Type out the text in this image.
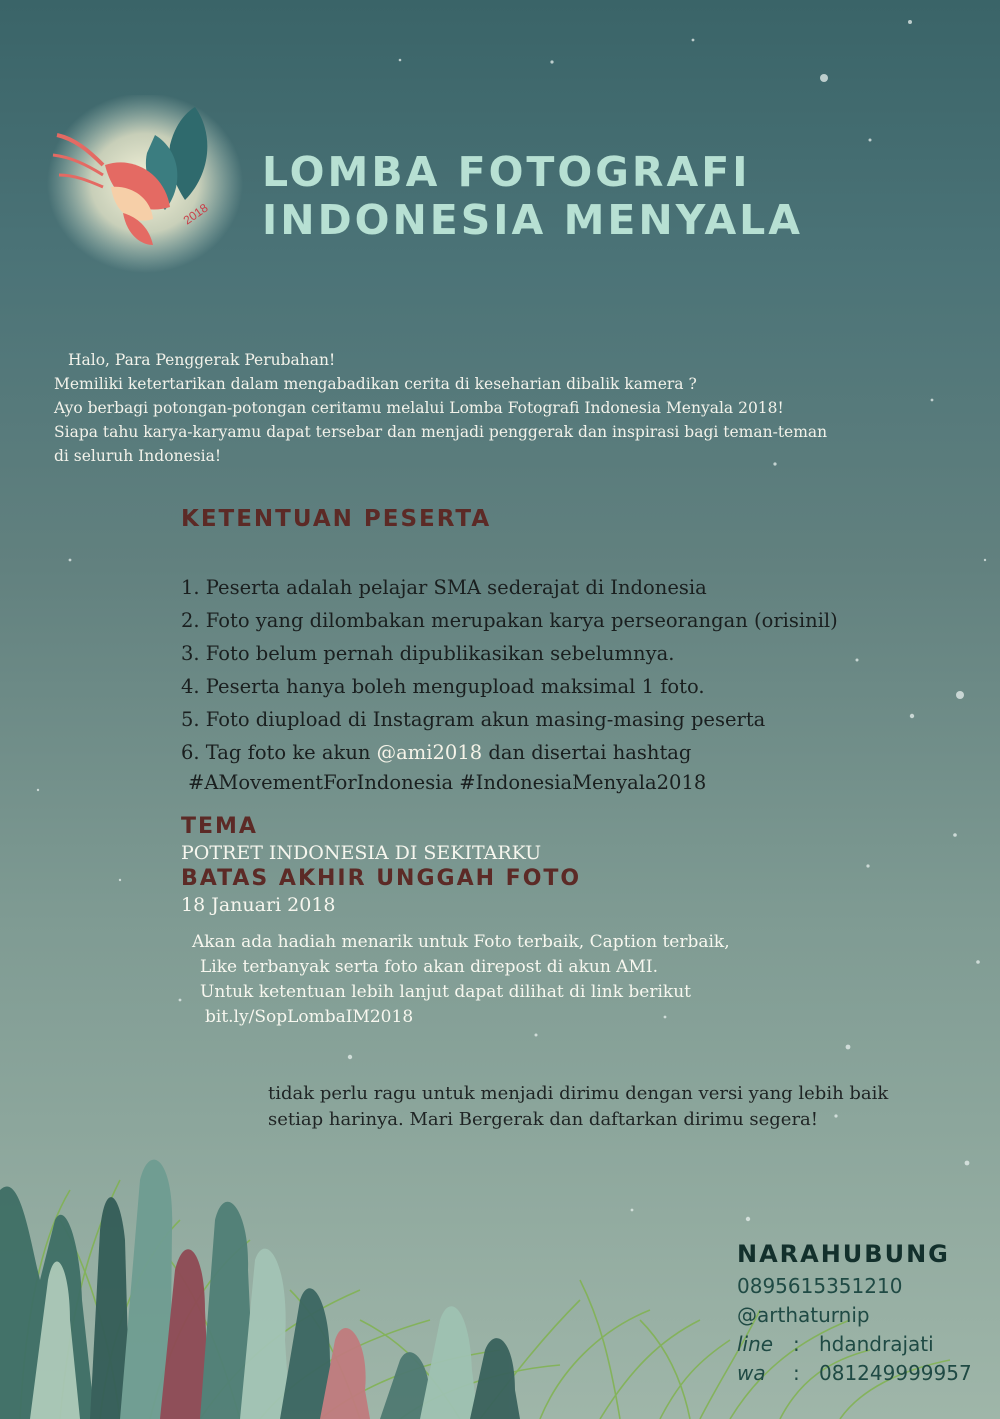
2018
LOMBA FOTOGRAFI
INDONESIA MENYALA

Halo, Para Penggerak Perubahan!

Memiliki ketertarikan dalam mengabadikan cerita di keseharian dibalik kamera ?

Ayo berbagi potongan-potongan ceritamu melalui Lomba Fotografi Indonesia Menyala 2018!

Siapa tahu karya-karyamu dapat tersebar dan menjadi penggerak dan inspirasi bagi teman-teman

di seluruh Indonesia!

KETENTUAN PESERTA
1. Peserta adalah pelajar SMA sederajat di Indonesia
2. Foto yang dilombakan merupakan karya perseorangan (orisinil)
3. Foto belum pernah dipublikasikan sebelumnya.
4. Peserta hanya boleh mengupload maksimal 1 foto.
5. Foto diupload di Instagram akun masing-masing peserta
6. Tag foto ke akun @ami2018 dan disertai hashtag
#AMovementForIndonesia #IndonesiaMenyala2018
TEMA
POTRET INDONESIA DI SEKITARKU
BATAS AKHIR UNGGAH FOTO
18 Januari 2018

Akan ada hadiah menarik untuk Foto terbaik, Caption terbaik,

Like terbanyak serta foto akan direpost di akun AMI.

Untuk ketentuan lebih lanjut dapat dilihat di link berikut

bit.ly/SopLombaIM2018

tidak perlu ragu untuk menjadi dirimu dengan versi yang lebih baik

setiap harinya. Mari Bergerak dan daftarkan dirimu segera!

NARAHUBUNG
0895615351210
@arthaturnip
line : hdandrajati
wa : 081249999957
